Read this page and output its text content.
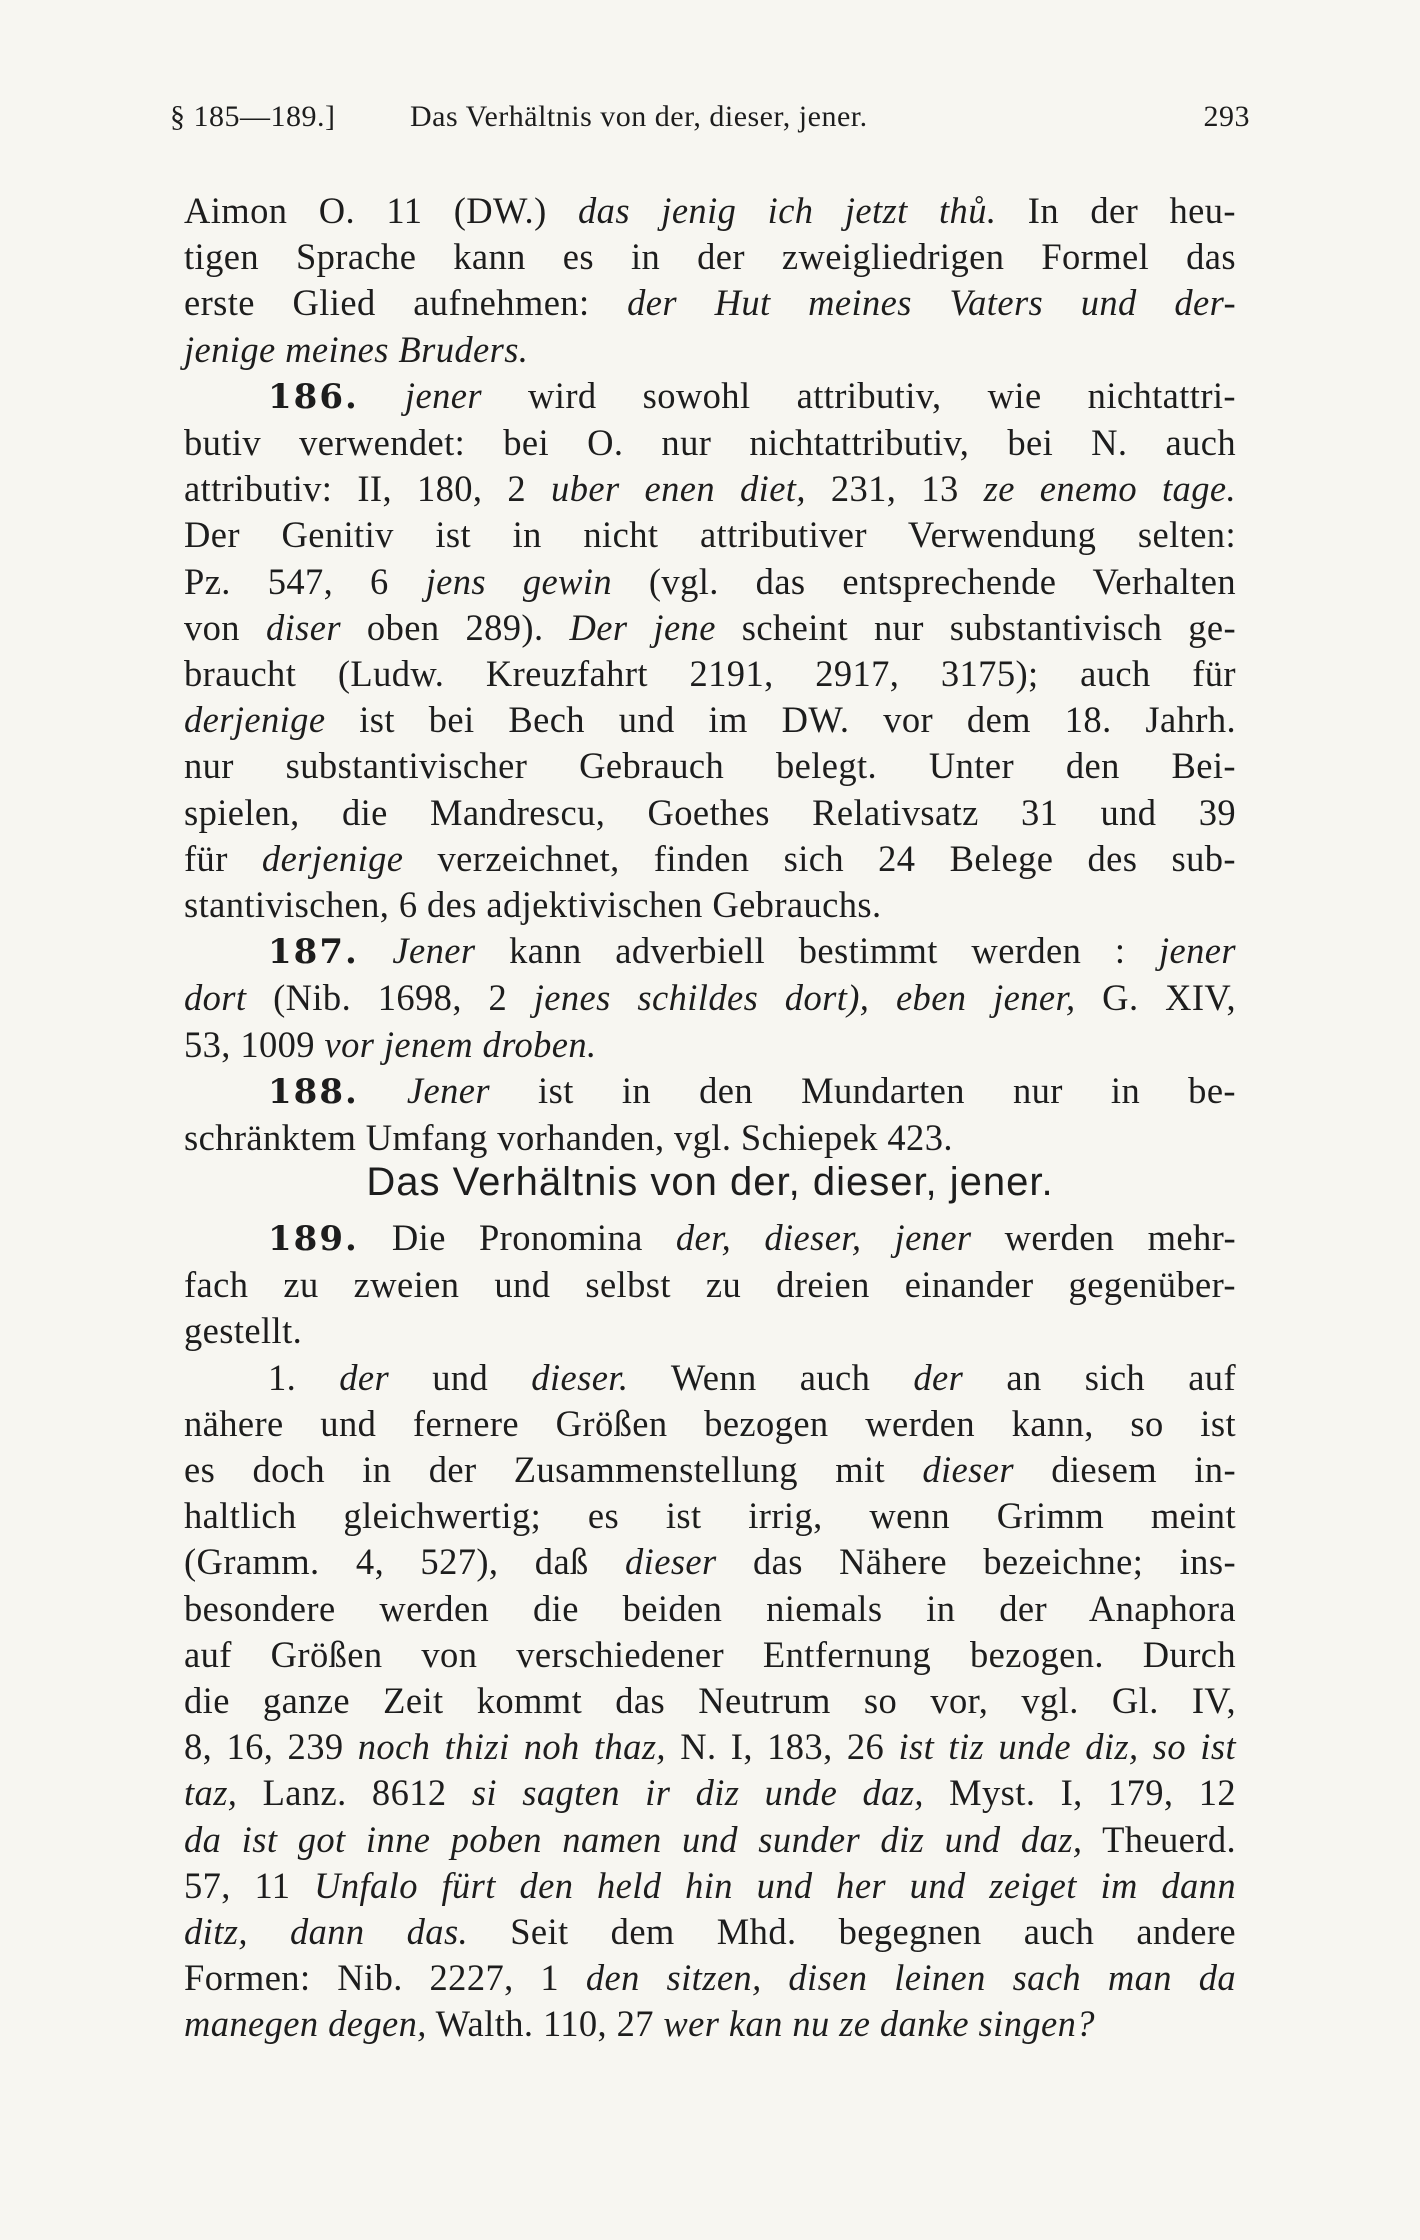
§ 185—189.] Das Verhältnis von der, dieser, jener.	293

Aimon O. 11 (DW.) das jenig ich jetzt thů. In der heu-

tigen Sprache kann es in der zweigliedrigen Formel das

erste Glied aufnehmen: der Hut meines Vaters und der-

jenige meines Bruders.

186. jener wird sowohl attributiv, wie nichtattri-

butiv verwendet: bei O. nur nichtattributiv, bei N. auch

attributiv: II, 180, 2 uber enen diet, 231, 13 ze enemo tage.

Der Genitiv ist in nicht attributiver Verwendung selten:

Pz. 547, 6 jens gewin (vgl. das entsprechende Verhalten

von diser oben 289). Der jene scheint nur substantivisch ge-

braucht (Ludw. Kreuzfahrt 2191, 2917, 3175); auch für

derjenige ist bei Bech und im DW. vor dem 18. Jahrh.

nur substantivischer Gebrauch belegt. Unter den Bei-

spielen, die Mandrescu, Goethes Relativsatz 31 und 39

für derjenige verzeichnet, finden sich 24 Belege des sub-

stantivischen, 6 des adjektivischen Gebrauchs.

187. Jener kann adverbiell bestimmt werden : jener

dort (Nib. 1698, 2 jenes schildes dort), eben jener, G. XIV,

53, 1009 vor jenem droben.

188. Jener ist in den Mundarten nur in be-

schränktem Umfang vorhanden, vgl. Schiepek 423.

Das Verhältnis von der, dieser, jener.

189. Die Pronomina der, dieser, jener werden mehr-

fach zu zweien und selbst zu dreien einander gegenüber-

gestellt.

1. der und dieser. Wenn auch der an sich auf

nähere und fernere Größen bezogen werden kann, so ist

es doch in der Zusammenstellung mit dieser diesem in-

haltlich gleichwertig; es ist irrig, wenn Grimm meint

(Gramm. 4, 527), daß dieser das Nähere bezeichne; ins-

besondere werden die beiden niemals in der Anaphora

auf Größen von verschiedener Entfernung bezogen. Durch

die ganze Zeit kommt das Neutrum so vor, vgl. Gl. IV,

8, 16, 239 noch thizi noh thaz, N. I, 183, 26 ist tiz unde diz, so ist

taz, Lanz. 8612 si sagten ir diz unde daz, Myst. I, 179, 12

da ist got inne poben namen und sunder diz und daz, Theuerd.

57, 11 Unfalo fürt den held hin und her und zeiget im dann

ditz, dann das. Seit dem Mhd. begegnen auch andere

Formen: Nib. 2227, 1 den sitzen, disen leinen sach man da

manegen degen, Walth. 110, 27 wer kan nu ze danke singen?
